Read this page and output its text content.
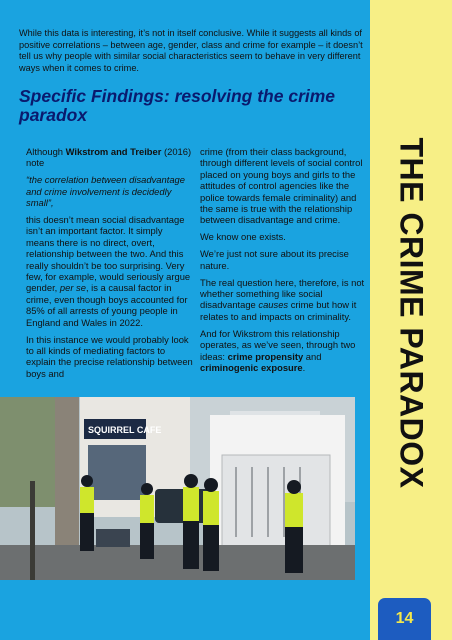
While this data is interesting, it’s not in itself conclusive. While it suggests all kinds of positive correlations – between age, gender, class and crime for example – it doesn’t tell us why people with similar social characteristics seem to behave in very different ways when it comes to crime.

Specific Findings: resolving the crime paradox

Although Wikstrom and Treiber (2016) note

“the correlation between disadvantage and crime involvement is decidedly small”,

this doesn’t mean social disadvantage isn’t an important factor. It simply means there is no direct, overt, relationship between the two. And this really shouldn’t be too surprising. Very few, for example, would seriously argue gender, per se, is a causal factor in crime, even though boys accounted for 85% of all arrests of young people in England and Wales in 2022.

In this instance we would probably look to all kinds of mediating factors to explain the precise relationship between boys and

crime (from their class background, through different levels of social control placed on young boys and girls to the attitudes of control agencies like the police towards female criminality) and the same is true with the relationship between disadvantage and crime.

We know one exists.

We’re just not sure about its precise nature.

The real question here, therefore, is not whether something like social disadvantage causes crime but how it relates to and impacts on criminality.

And for Wikstrom this relationship operates, as we’ve seen, through two ideas: crime propensity and criminogenic exposure.

SQUIRREL CAFE	THE CRIME PARADOX
14
